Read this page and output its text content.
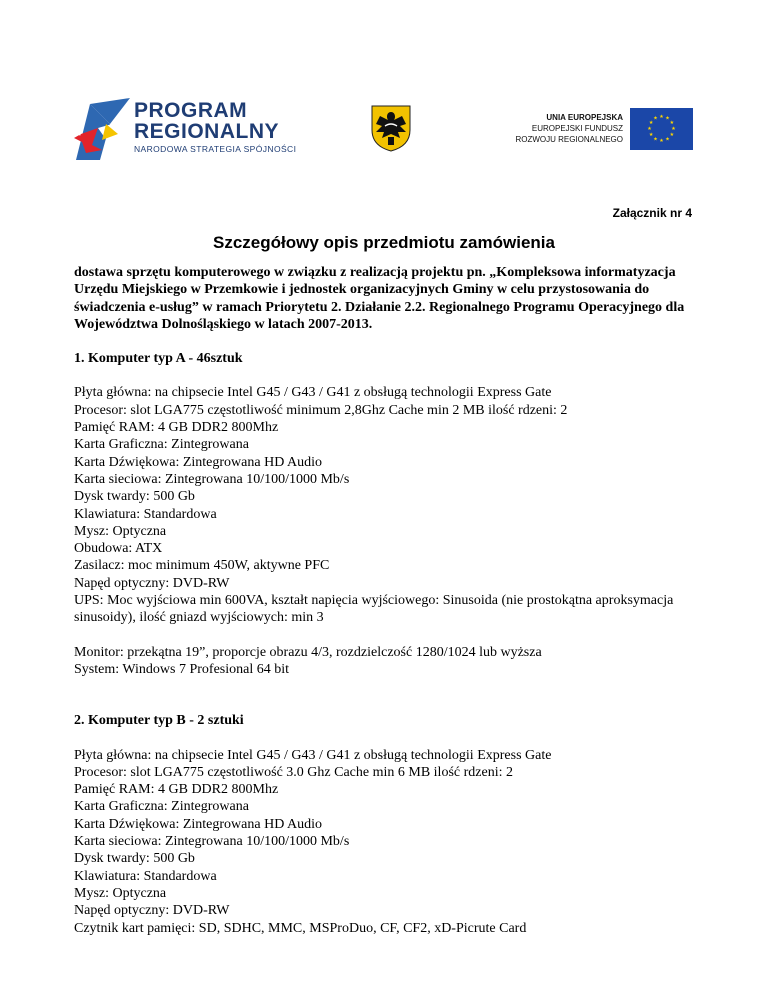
PROGRAM
REGIONALNY
NARODOWA STRATEGIA SPÓJNOŚCI
UNIA EUROPEJSKA
EUROPEJSKI FUNDUSZ
ROZWOJU REGIONALNEGO
★ ★
★
★
★
★
★
★
★
★
★
★
Załącznik nr 4
Szczegółowy opis przedmiotu zamówienia

dostawa sprzętu komputerowego w związku z realizacją projektu pn. „Kompleksowa informatyzacja Urzędu Miejskiego w Przemkowie i jednostek organizacyjnych Gminy w celu przystosowania do świadczenia e-usług” w ramach Priorytetu 2. Działanie 2.2. Regionalnego Programu Operacyjnego dla Województwa Dolnośląskiego w latach 2007-2013.

1. Komputer typ A - 46sztuk
Płyta główna: na chipsecie Intel G45 / G43 / G41 z obsługą technologii Express Gate
Procesor: slot LGA775 częstotliwość minimum 2,8Ghz Cache min 2 MB ilość rdzeni: 2
Pamięć RAM: 4 GB DDR2 800Mhz
Karta Graficzna: Zintegrowana
Karta Dźwiękowa: Zintegrowana HD Audio
Karta sieciowa: Zintegrowana 10/100/1000 Mb/s
Dysk twardy: 500 Gb
Klawiatura: Standardowa
Mysz: Optyczna
Obudowa: ATX
Zasilacz: moc minimum 450W, aktywne PFC
Napęd optyczny: DVD-RW
UPS: Moc wyjściowa min 600VA, kształt napięcia wyjściowego: Sinusoida (nie prostokątna aproksymacja sinusoidy), ilość gniazd wyjściowych: min 3
Monitor: przekątna 19”, proporcje obrazu 4/3, rozdzielczość 1280/1024 lub wyższa
System: Windows 7 Profesional 64 bit
2. Komputer typ B - 2 sztuki
Płyta główna: na chipsecie Intel G45 / G43 / G41 z obsługą technologii Express Gate
Procesor: slot LGA775 częstotliwość 3.0 Ghz Cache min 6 MB ilość rdzeni: 2
Pamięć RAM: 4 GB DDR2 800Mhz
Karta Graficzna: Zintegrowana
Karta Dźwiękowa: Zintegrowana HD Audio
Karta sieciowa: Zintegrowana 10/100/1000 Mb/s
Dysk twardy: 500 Gb
Klawiatura: Standardowa
Mysz: Optyczna
Napęd optyczny: DVD-RW
Czytnik kart pamięci: SD, SDHC, MMC, MSProDuo, CF, CF2, xD-Picrute Card
